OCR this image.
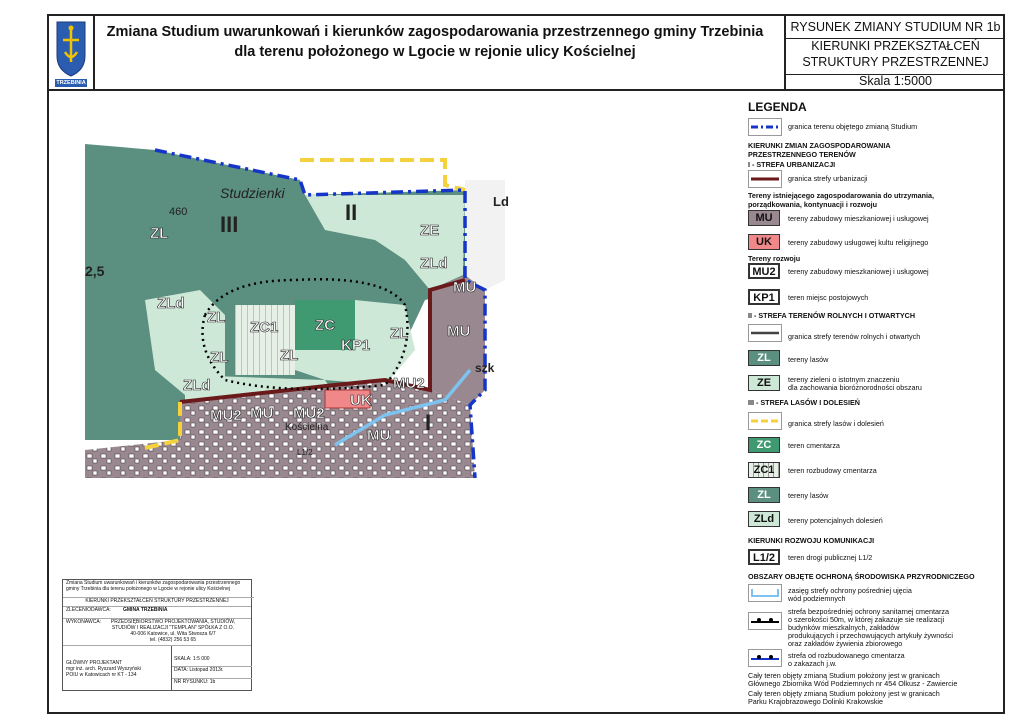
TRZEBINIA
Zmiana Studium uwarunkowań i kierunków zagospodarowania przestrzennego gminy Trzebinia
dla terenu położonego w Lgocie w rejonie ulicy Kościelnej
RYSUNEK ZMIANY STUDIUM NR 1b
KIERUNKI PRZEKSZTAŁCEŃ
STRUKTURY PRZESTRZENNEJ
Skala 1:5000
ZL	ZE
ZLd
ZLd
ZLd
ZL
ZL	ZL
ZL
ZC1 ZC
KP1
MU
MU
MU
MU
MU2	MU2
MU2
UK
III	II
I
Studzienki
460
2,5
szk
Kościelna
Ld
L1/2
LEGENDA
granica terenu objętego zmianą Studium
KIERUNKI ZMIAN ZAGOSPODAROWANIA
PRZESTRZENNEGO TERENÓW
I - STREFA URBANIZACJI
granica strefy urbanizacji
Tereny istniejącego zagospodarowania do utrzymania,
porządkowania, kontynuacji i rozwoju
MU	tereny zabudowy mieszkaniowej i usługowej
UK	tereny zabudowy usługowej kultu religijnego
Tereny rozwoju
MU2	tereny zabudowy mieszkaniowej i usługowej
KP1	teren miejsc postojowych
II - STREFA TERENÓW ROLNYCH I OTWARTYCH
granica strefy terenów rolnych i otwartych
ZL	tereny lasów
ZE	tereny zieleni o istotnym znaczeniu
dla zachowania bioróżnorodności obszaru
III - STREFA LASÓW I DOLESIEŃ
granica strefy lasów i dolesień
ZC	teren cmentarza
ZC1	teren rozbudowy cmentarza
ZL	tereny lasów
ZLd	tereny potencjalnych dolesień
KIERUNKI ROZWOJU KOMUNIKACJI
L1/2	teren drogi publicznej L1/2
OBSZARY OBJĘTE OCHRONĄ ŚRODOWISKA PRZYRODNICZEGO
zasięg strefy ochrony pośredniej ujęcia
wód podziemnych
strefa bezpośredniej ochrony sanitarnej cmentarza
o szerokości 50m, w której zakazuje sie realizacji
budynków mieszkalnych, zakładów
produkujących i przechowujących artykuły żywności
oraz zakładów żywienia zbiorowego
strefa od rozbudowanego cmentarza
o zakazach j.w.
Cały teren objęty zmianą Studium położony jest w granicach
Głównego Zbiornika Wód Podziemnych nr 454 Olkusz - Zawiercie
Cały teren objęty zmianą Studium położony jest w granicach
Parku Krajobrazowego Dolinki Krakowskie
Zmiana Studium uwarunkowań i kierunków zagospodarowania przestrzennego
gminy Trzebinia dla terenu położonego w Lgocie w rejonie ulicy Kościelnej
KIERUNKI PRZEKSZTAŁCEŃ STRUKTURY PRZESTRZENNEJ
ZLECENIODAWCA: GMINA TRZEBINIA
WYKONAWCA:	PRZEDSIĘBIORSTWO PROJEKTOWANIA, STUDIÓW,
STUDIÓW I REALIZACJI "TEMPLAN" SPÓŁKA Z O.O.
40-006 Katowice, ul. Wita Stwosza 6/7
tel. (4832) 256 53 65
GŁÓWNY PROJEKTANT
mgr inż. arch. Ryszard Wyszyński
POIU w Katowicach nr KT - 134
SKALA: 1:5 000
DATA: Listopad 2013r.
NR RYSUNKU: 1b
